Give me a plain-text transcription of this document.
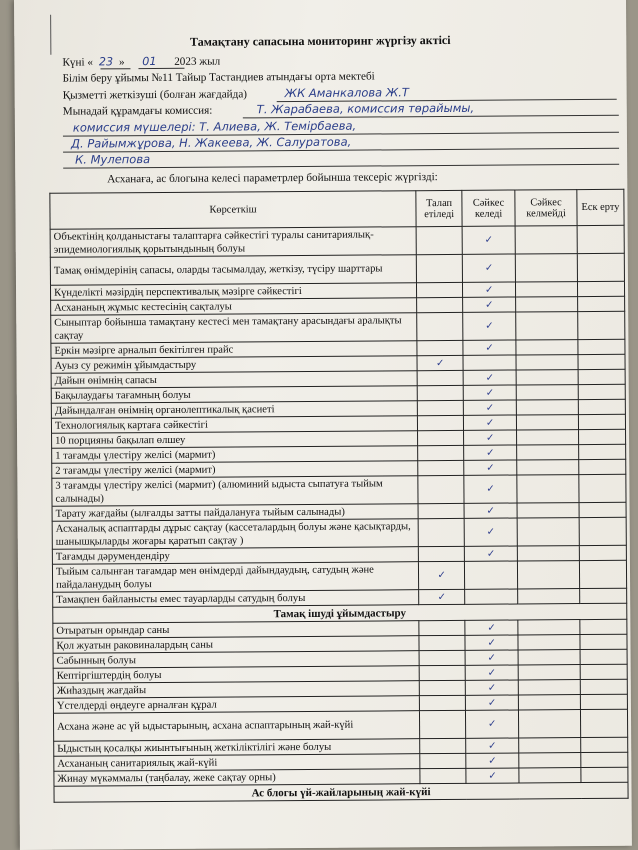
Тамақтану сапасына мониторинг жүргізу актісі
Күні « 23 » 01 2023 жыл
Білім беру ұйымы №11 Тайыр Тастандиев атындағы орта мектебі
Қызметті жеткізуші (болған жағдайда)	ЖК Аманкалова Ж.Т
Мынадай құрамдағы комиссия:	Т. Жарабаева, комиссия төрайымы,
комиссия мүшелері: Т. Алиева, Ж. Темірбаева,
Д. Райымжұрова, Н. Жакеева, Ж. Салуратова,
К. Мулепова
Асханаға, ас блогына келесі параметрлер бойынша тексеріс жүргізді:
Көрсеткіш	Талап етіледі	Сәйкес келеді	Сәйкес келмейді	Еск ерту
Объектінің қолданыстағы талаптарға сәйкестігі туралы санитариялық-эпидемиологиялық қорытындының болуы		✓		
Тамақ өнімдерінің сапасы, оларды тасымалдау, жеткізу, түсіру шарттары		✓		
Күнделікті мәзірдің перспективалық мәзірге сәйкестігі		✓		
Асхананың жұмыс кестесінің сақталуы		✓		
Сыныптар бойынша тамақтану кестесі мен тамақтану арасындағы аралықты сақтау		✓		
Еркін мәзірге арналып бекітілген прайс		✓		
Ауыз су режимін ұйымдастыру	✓			
Дайын өнімнің сапасы		✓		
Бақылаудағы тағамның болуы		✓		
Дайындалған өнімнің органолептикалық қасиеті		✓		
Технологиялық картаға сәйкестігі		✓		
10 порцияны бақылап өлшеу		✓		
1 тағамды үлестіру желісі (мармит)		✓		
2 тағамды үлестіру желісі (мармит)		✓		
3 тағамды үлестіру желісі (мармит) (алюминий ыдыста сыпатуға тыйым салынады)		✓		
Тарату жағдайы (ылғалды затты пайдалануға тыйым салынады)		✓		
Асханалық аспаптарды дұрыс сақтау (кассеталардың болуы және қасықтарды, шанышқыларды жоғары қаратып сақтау )		✓		
Тағамды дәрумендендіру		✓		
Тыйым салынған тағамдар мен өнімдерді дайындаудың, сатудың және пайдаланудың болуы	✓			
Тамақпен байланысты емес тауарларды сатудың болуы	✓			
Тамақ ішуді ұйымдастыру				
Отыратын орындар саны		✓		
Қол жуатын раковиналардың саны		✓		
Сабынның болуы		✓		
Кептіргіштердің болуы		✓		
Жиһаздың жағдайы		✓		
Үстелдерді өңдеуге арналған құрал		✓		
Асхана және ас үй ыдыстарының, асхана аспаптарының жай-күйі		✓		
Ыдыстың қосалқы жиынтығының жеткіліктілігі және болуы		✓		
Асхананың санитариялық жай-күйі		✓		
Жинау мүкәммалы (таңбалау, жеке сақтау орны)		✓		
Ас блогы үй-жайларының жай-күйі				
